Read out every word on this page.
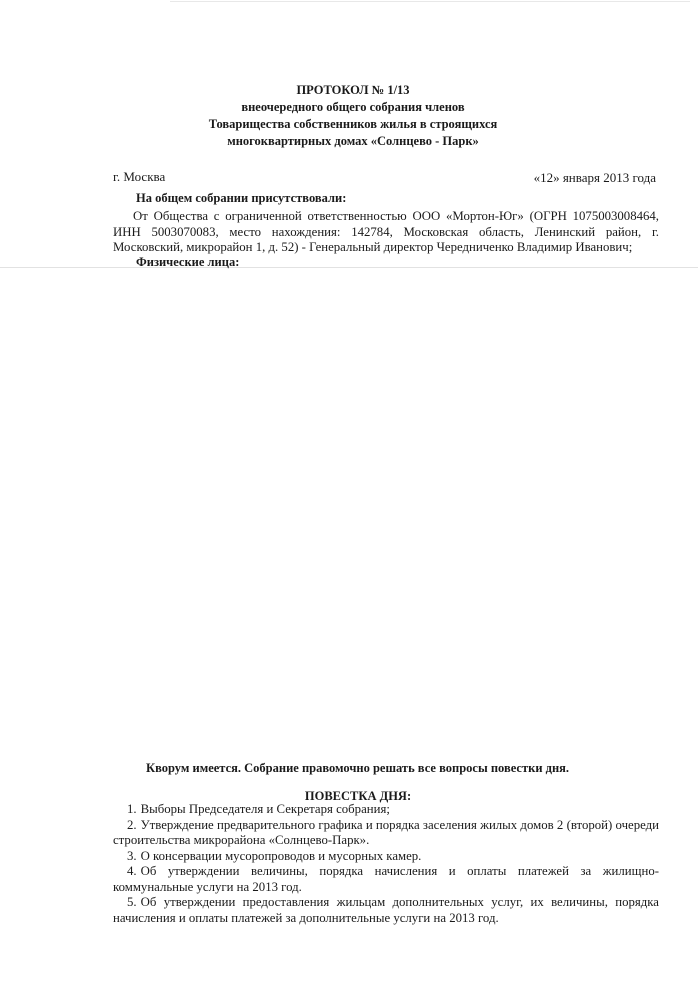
ПРОТОКОЛ № 1/13
внеочередного общего собрания членов
Товарищества собственников жилья в строящихся
многоквартирных домах «Солнцево - Парк»
г. Москва	«12» января 2013 года
На общем собрании присутствовали:

От Общества с ограниченной ответственностью ООО «Мортон-Юг» (ОГРН 1075003008464, ИНН 5003070083, место нахождения: 142784, Московская область, Ленинский район, г. Московский, микрорайон 1, д. 52) - Генеральный директор Чередниченко Владимир Иванович;

Физические лица:
Кворум имеется. Собрание правомочно решать все вопросы повестки дня.
ПОВЕСТКА ДНЯ:
1. Выборы Председателя и Секретаря собрания;
2. Утверждение предварительного графика и порядка заселения жилых домов 2 (второй) очереди строительства микрорайона «Солнцево-Парк».
3. О консервации мусоропроводов и мусорных камер.
4. Об утверждении величины, порядка начисления и оплаты платежей за жилищно-коммунальные услуги на 2013 год.
5. Об утверждении предоставления жильцам дополнительных услуг, их величины, порядка начисления и оплаты платежей за дополнительные услуги на 2013 год.
